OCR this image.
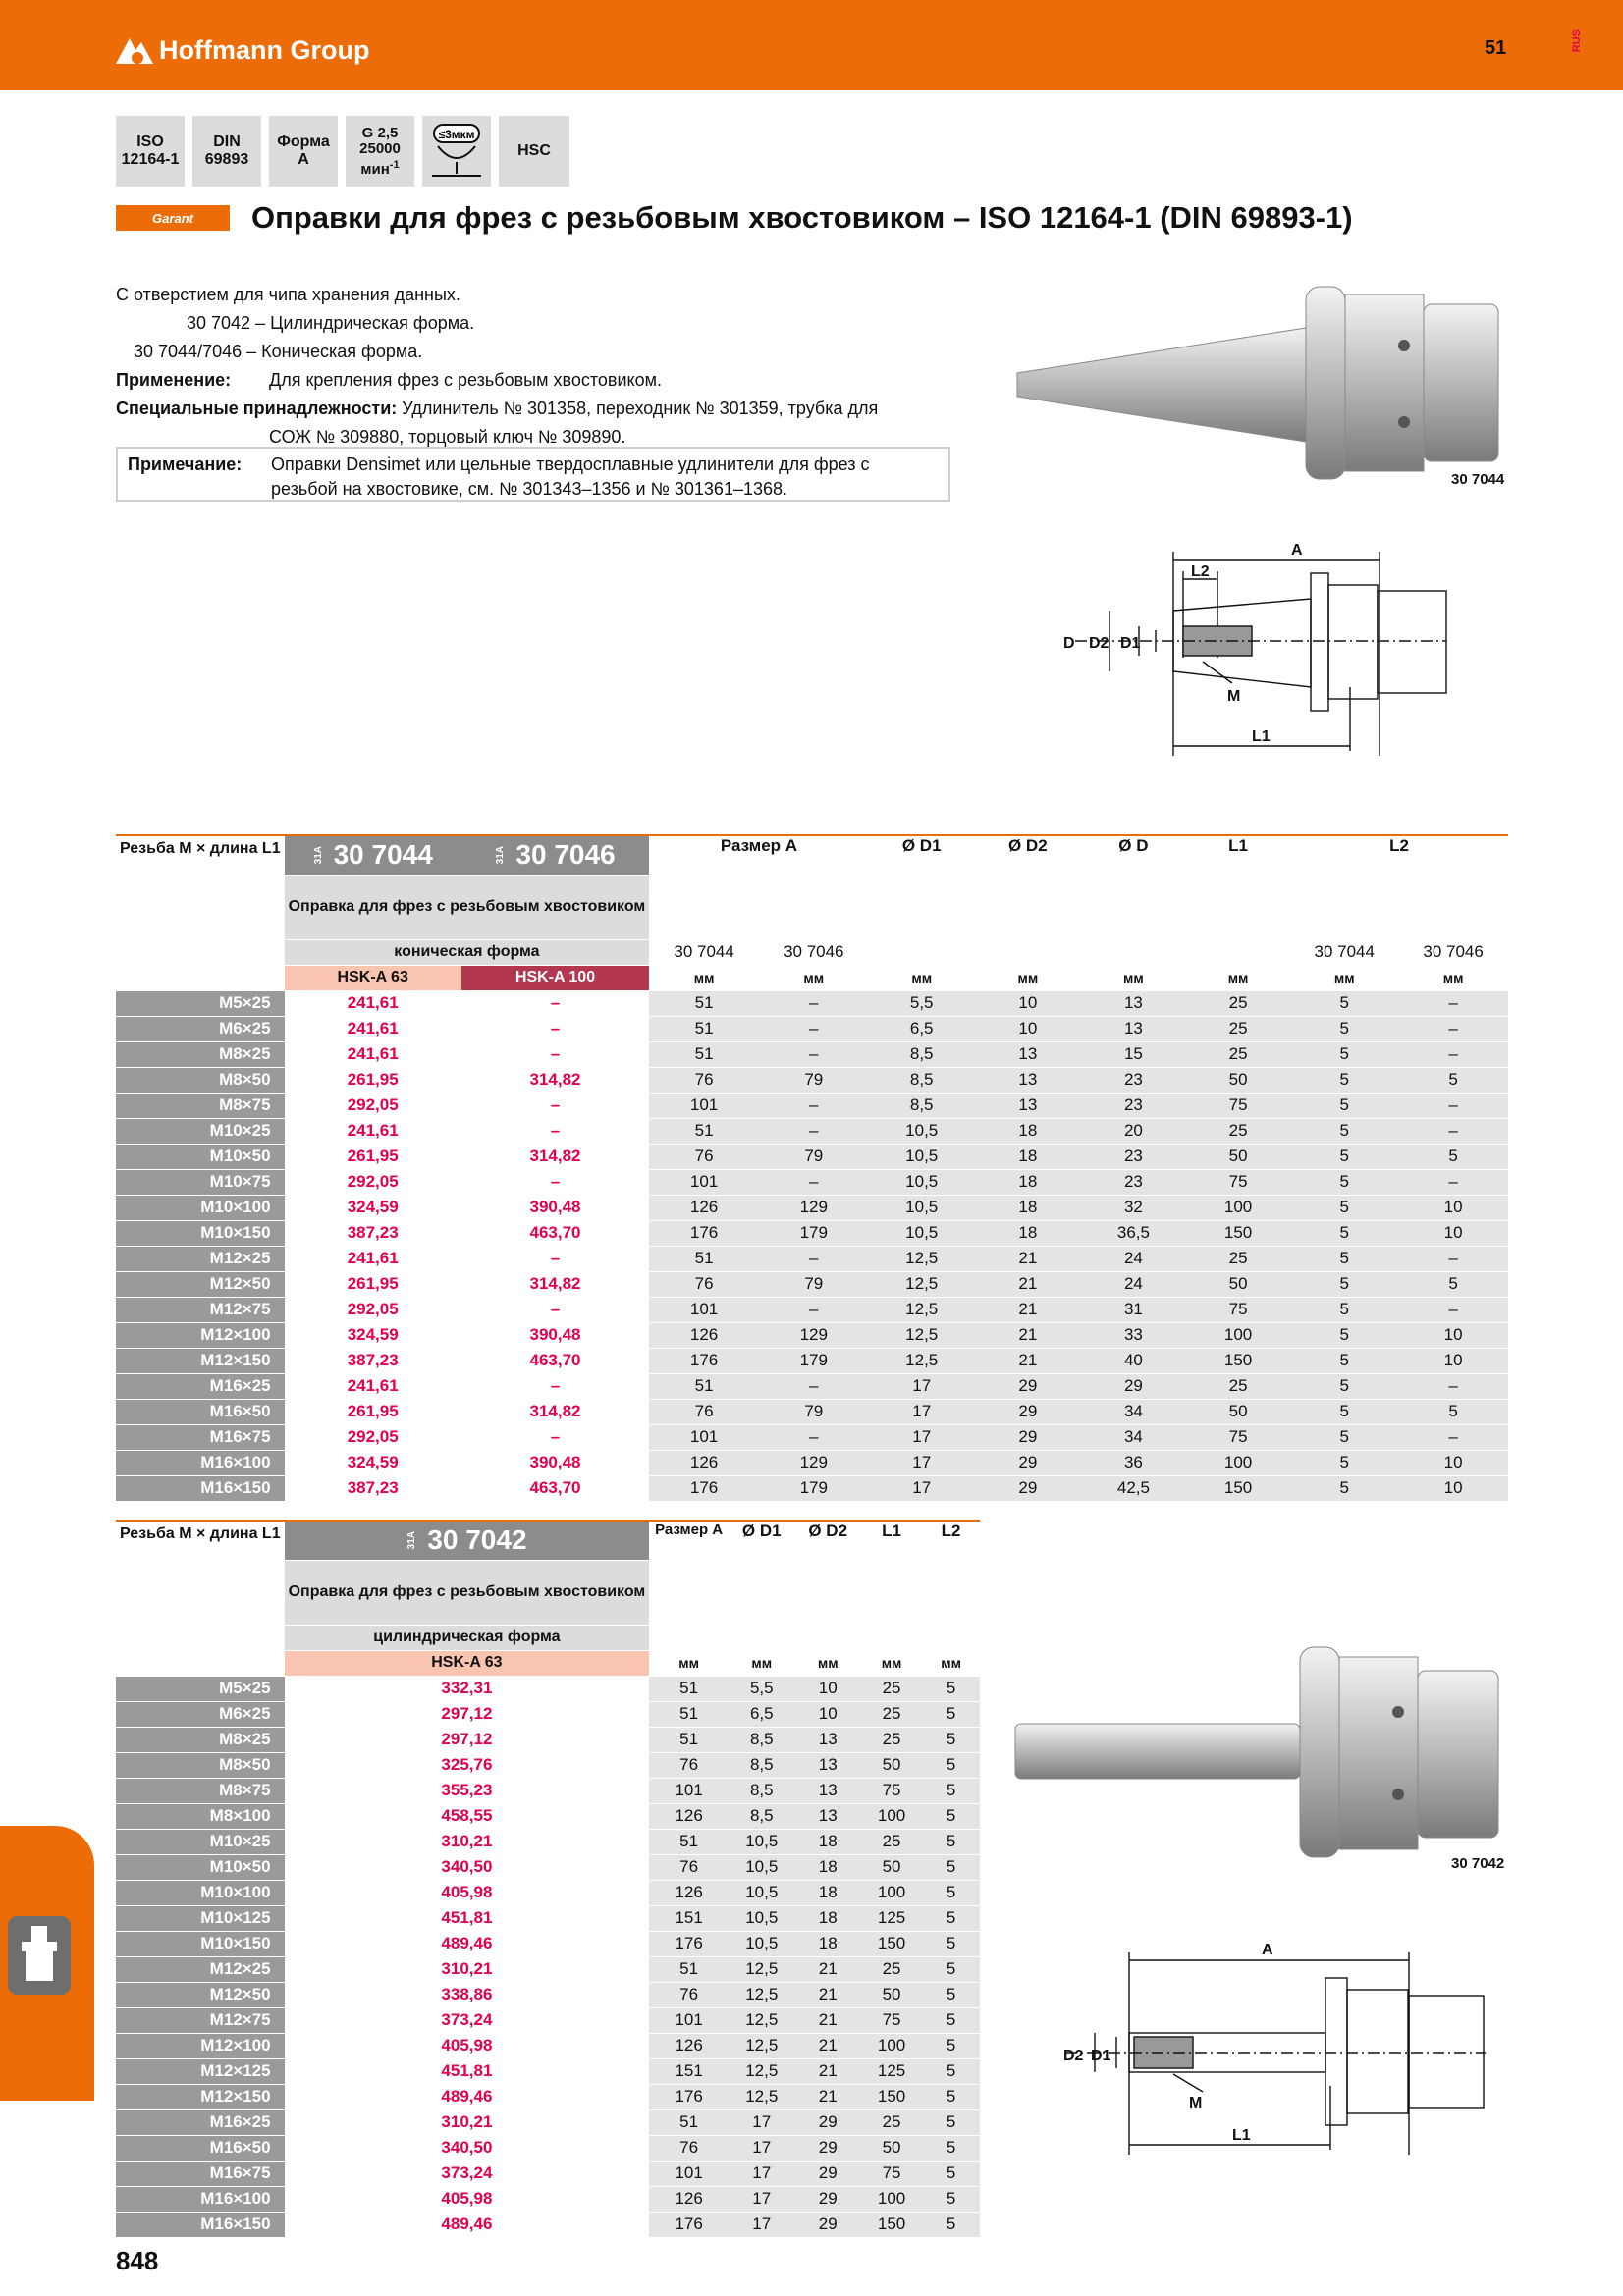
Hoffmann Group	51	RUS
ISO
12164-1
DIN
69893
Форма
A
G 2,5
25000
мин$^{-1}$
≤3мкм
HSC
Garant	Оправки для фрез с резьбовым хвостовиком – ISO 12164-1 (DIN 69893-1)
С отверстием для чипа хранения данных.
30 7042 – Цилиндрическая форма.
30 7044/7046 – Коническая форма.
Применение: Для крепления фрез с резьбовым хвостовиком.
Специальные принадлежности: Удлинитель № 301358, переходник № 301359, трубка для
СОЖ № 309880, торцовый ключ № 309890.
Примечание:	Оправки Densimet или цельные твердосплавные удлинители для фрез с
резьбой на хвостовике, см. № 301343–1356 и № 301361–1368.	30 7044
A
L2
D D2 D1
M
L1
Резьба M × длина L1	31A 30 7044	31A 30 7046	Размер A		Ø D1	Ø D2	Ø D	L1	L2	
	Оправка для фрез с резьбовым хвостовиком									
	коническая форма		30 7044	30 7046					30 7044	30 7046
	HSK-A 63	HSK-A 100	мм	мм	мм	мм	мм	мм	мм	мм
M5×25	241,61	–	51	–	5,5	10	13	25	5	–
M6×25	241,61	–	51	–	6,5	10	13	25	5	–
M8×25	241,61	–	51	–	8,5	13	15	25	5	–
M8×50	261,95	314,82	76	79	8,5	13	23	50	5	5
M8×75	292,05	–	101	–	8,5	13	23	75	5	–
M10×25	241,61	–	51	–	10,5	18	20	25	5	–
M10×50	261,95	314,82	76	79	10,5	18	23	50	5	5
M10×75	292,05	–	101	–	10,5	18	23	75	5	–
M10×100	324,59	390,48	126	129	10,5	18	32	100	5	10
M10×150	387,23	463,70	176	179	10,5	18	36,5	150	5	10
M12×25	241,61	–	51	–	12,5	21	24	25	5	–
M12×50	261,95	314,82	76	79	12,5	21	24	50	5	5
M12×75	292,05	–	101	–	12,5	21	31	75	5	–
M12×100	324,59	390,48	126	129	12,5	21	33	100	5	10
M12×150	387,23	463,70	176	179	12,5	21	40	150	5	10
M16×25	241,61	–	51	–	17	29	29	25	5	–
M16×50	261,95	314,82	76	79	17	29	34	50	5	5
M16×75	292,05	–	101	–	17	29	34	75	5	–
M16×100	324,59	390,48	126	129	17	29	36	100	5	10
M16×150	387,23	463,70	176	179	17	29	42,5	150	5	10
Резьба M × длина L1	31A 30 7042	Размер A	Ø D1	Ø D2	L1	L2
	Оправка для фрез с резьбовым хвостовиком					
	цилиндрическая форма					
	HSK-A 63	мм	мм	мм	мм	мм
M5×25	332,31	51	5,5	10	25	5
M6×25	297,12	51	6,5	10	25	5
M8×25	297,12	51	8,5	13	25	5
M8×50	325,76	76	8,5	13	50	5
M8×75	355,23	101	8,5	13	75	5
M8×100	458,55	126	8,5	13	100	5
M10×25	310,21	51	10,5	18	25	5
M10×50	340,50	76	10,5	18	50	5
M10×100	405,98	126	10,5	18	100	5
M10×125	451,81	151	10,5	18	125	5
M10×150	489,46	176	10,5	18	150	5
M12×25	310,21	51	12,5	21	25	5
M12×50	338,86	76	12,5	21	50	5
M12×75	373,24	101	12,5	21	75	5
M12×100	405,98	126	12,5	21	100	5
M12×125	451,81	151	12,5	21	125	5
M12×150	489,46	176	12,5	21	150	5
M16×25	310,21	51	17	29	25	5
M16×50	340,50	76	17	29	50	5
M16×75	373,24	101	17	29	75	5
M16×100	405,98	126	17	29	100	5
M16×150	489,46	176	17	29	150	5
30 7042
A
D2 D1
M
L1
848
